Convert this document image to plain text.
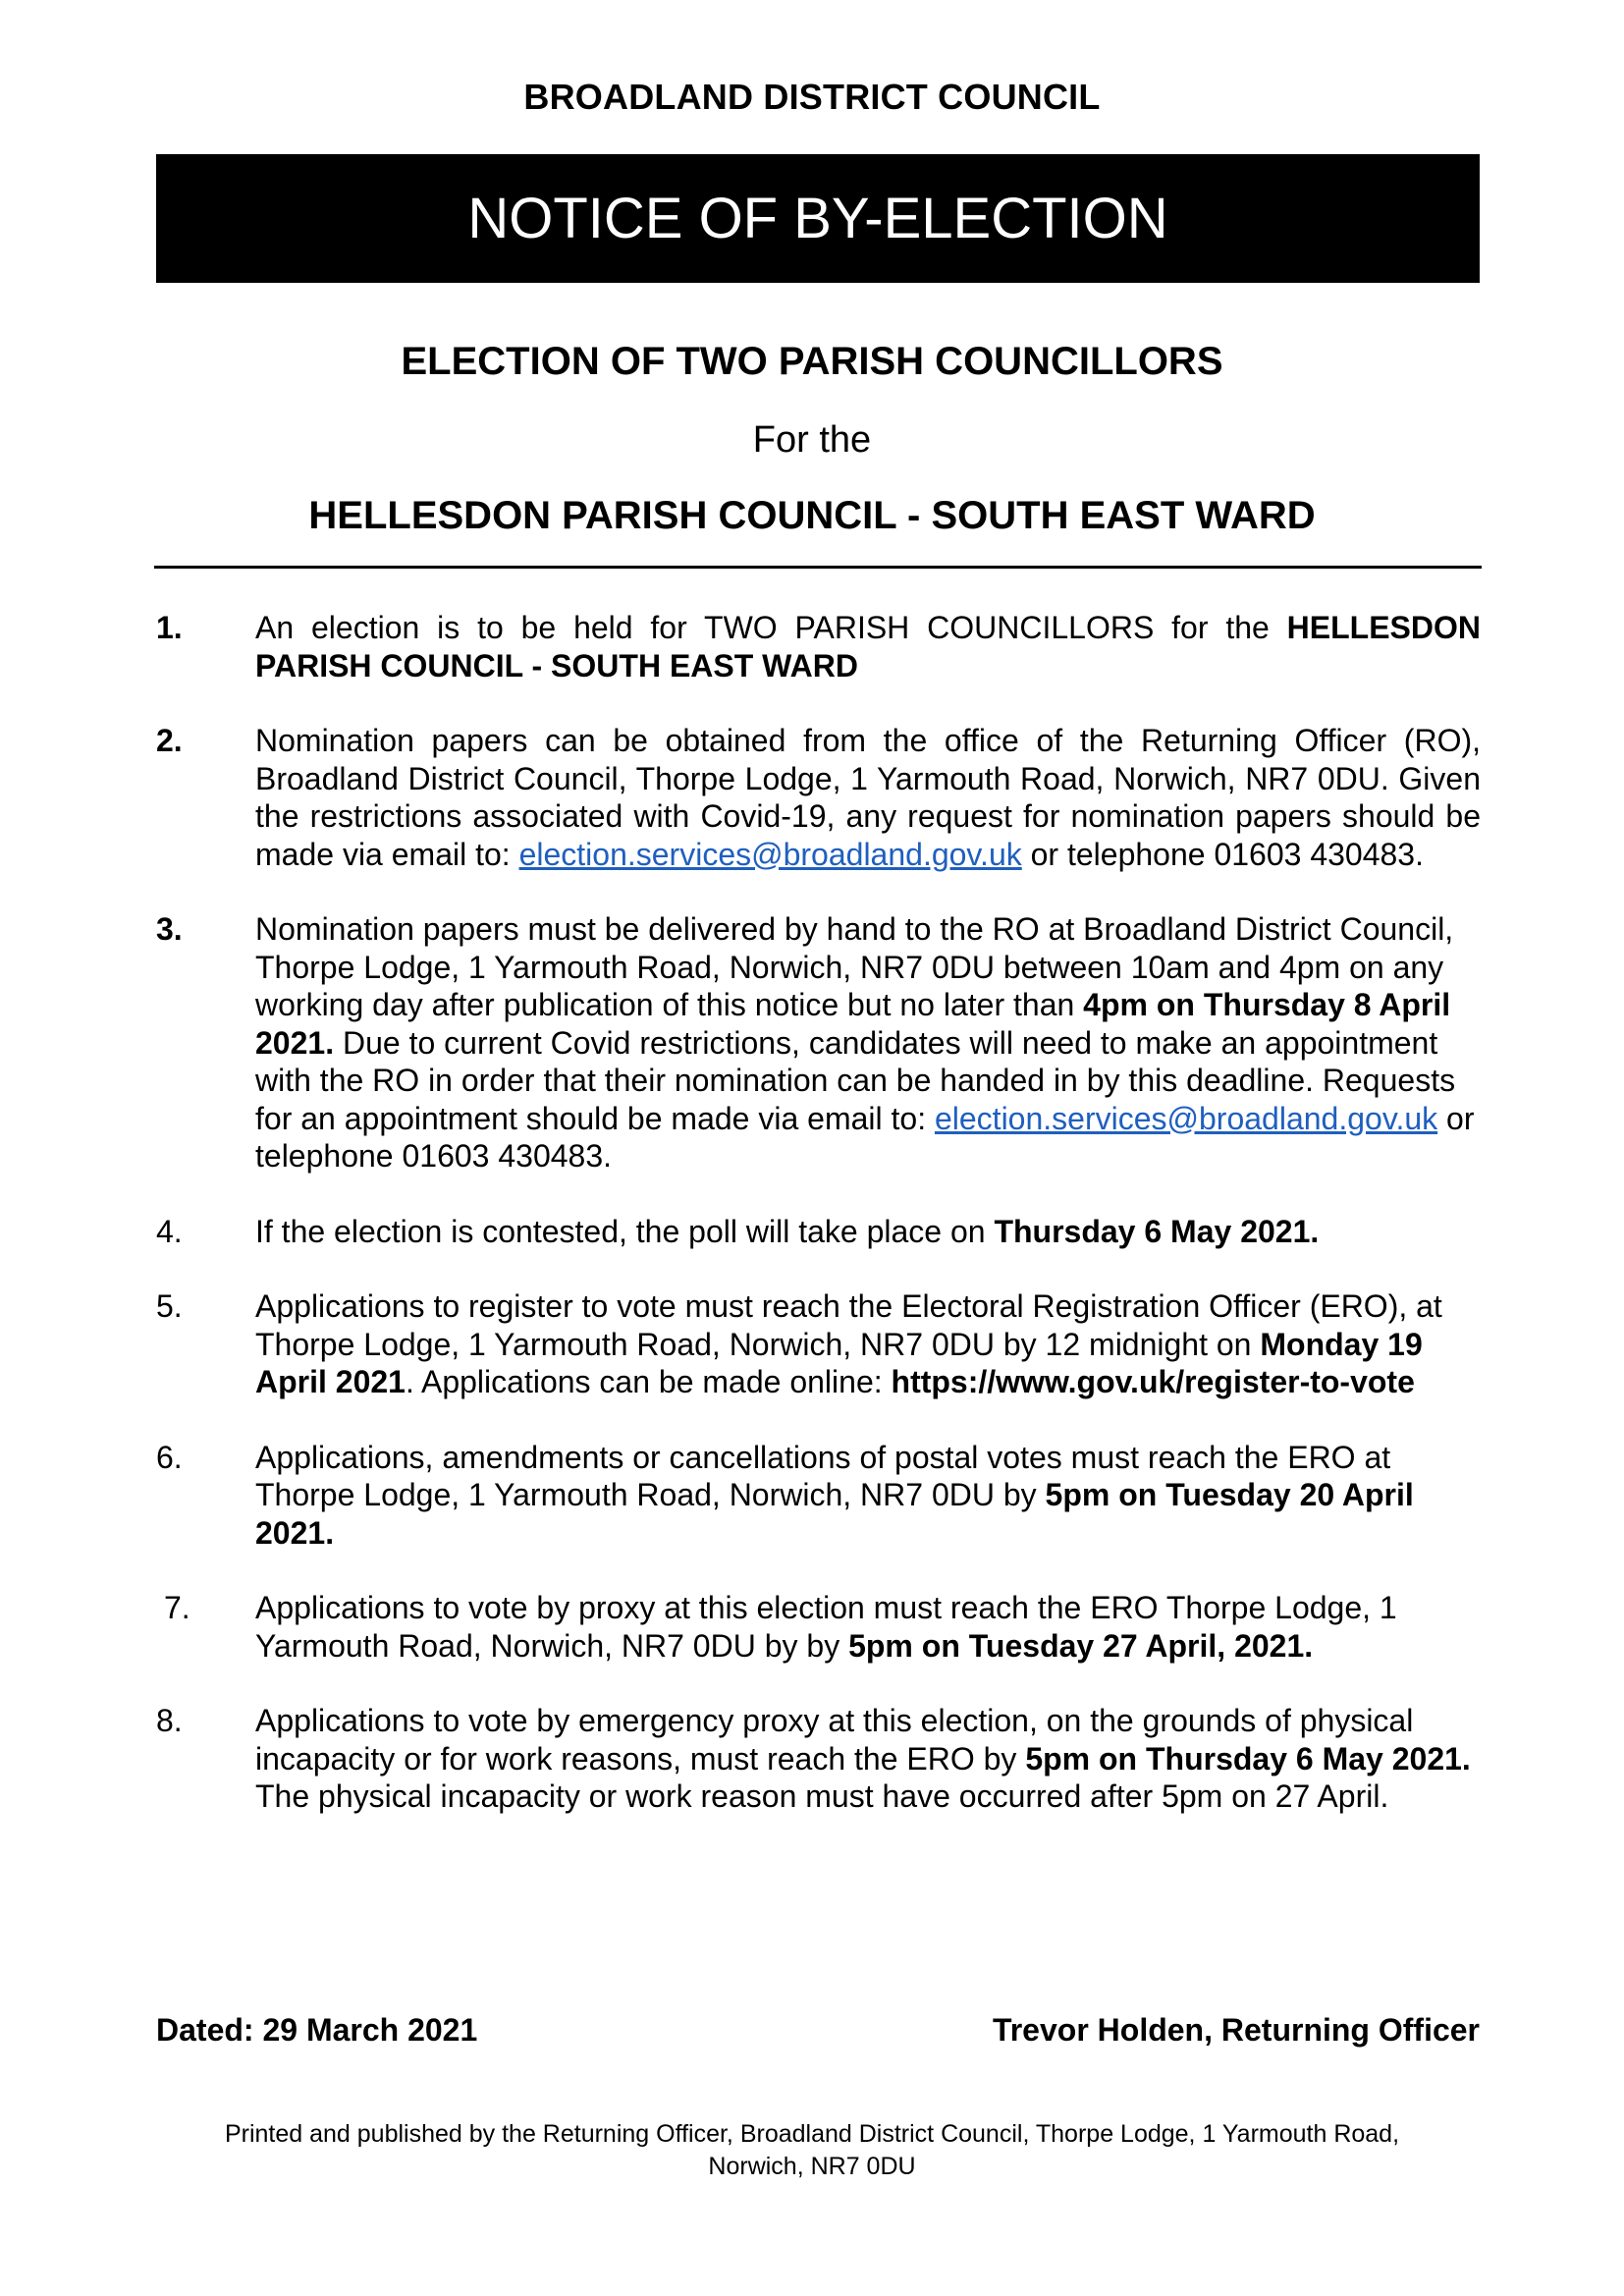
BROADLAND DISTRICT COUNCIL
NOTICE OF BY-ELECTION
ELECTION OF TWO PARISH COUNCILLORS
For the
HELLESDON PARISH COUNCIL - SOUTH EAST WARD
1.	An election is to be held for TWO PARISH COUNCILLORS for the HELLESDON PARISH COUNCIL - SOUTH EAST WARD
2.	Nomination papers can be obtained from the office of the Returning Officer (RO), Broadland District Council, Thorpe Lodge, 1 Yarmouth Road, Norwich, NR7 0DU. Given the restrictions associated with Covid-19, any request for nomination papers should be made via email to: election.services@broadland.gov.uk or telephone 01603 430483.
3.	Nomination papers must be delivered by hand to the RO at Broadland District Council, Thorpe Lodge, 1 Yarmouth Road, Norwich, NR7 0DU between 10am and 4pm on any working day after publication of this notice but no later than 4pm on Thursday 8 April 2021. Due to current Covid restrictions, candidates will need to make an appointment with the RO in order that their nomination can be handed in by this deadline. Requests for an appointment should be made via email to: election.services@broadland.gov.uk or telephone 01603 430483.
4.	If the election is contested, the poll will take place on Thursday 6 May 2021.
5.	Applications to register to vote must reach the Electoral Registration Officer (ERO), at Thorpe Lodge, 1 Yarmouth Road, Norwich, NR7 0DU by 12 midnight on Monday 19 April 2021. Applications can be made online: https://www.gov.uk/register-to-vote
6.	Applications, amendments or cancellations of postal votes must reach the ERO at Thorpe Lodge, 1 Yarmouth Road, Norwich, NR7 0DU by 5pm on Tuesday 20 April 2021.
7.	Applications to vote by proxy at this election must reach the ERO Thorpe Lodge, 1 Yarmouth Road, Norwich, NR7 0DU by by 5pm on Tuesday 27 April, 2021.
8.	Applications to vote by emergency proxy at this election, on the grounds of physical incapacity or for work reasons, must reach the ERO by 5pm on Thursday 6 May 2021. The physical incapacity or work reason must have occurred after 5pm on 27 April.
Dated: 29 March 2021	Trevor Holden, Returning Officer
Printed and published by the Returning Officer, Broadland District Council, Thorpe Lodge, 1 Yarmouth Road,
Norwich, NR7 0DU
